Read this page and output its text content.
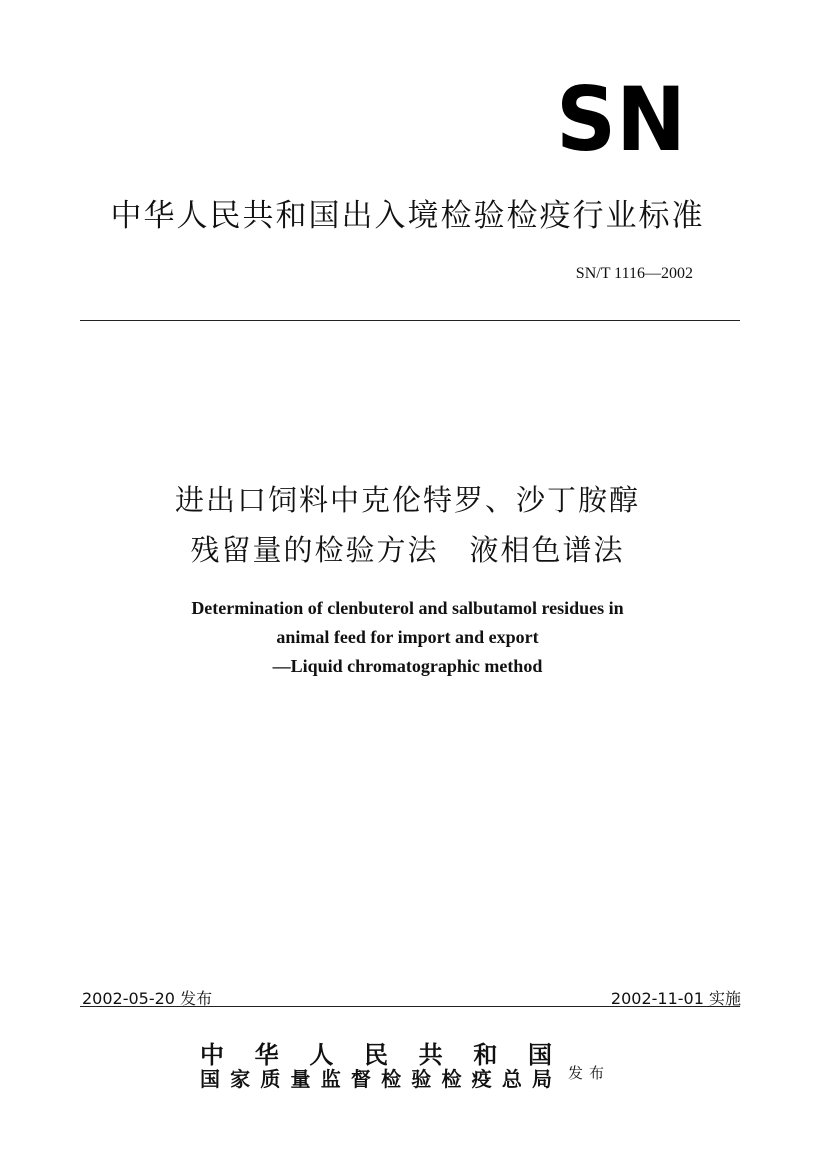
SN
中华人民共和国出入境检验检疫行业标准
SN/T 1116—2002
进出口饲料中克伦特罗、沙丁胺醇
残留量的检验方法　液相色谱法
Determination of clenbuterol and salbutamol residues in
animal feed for import and export
—Liquid chromatographic method
2002-05-20 发布	2002-11-01 实施
中华人民共和国
国家质量监督检验检疫总局 发布
